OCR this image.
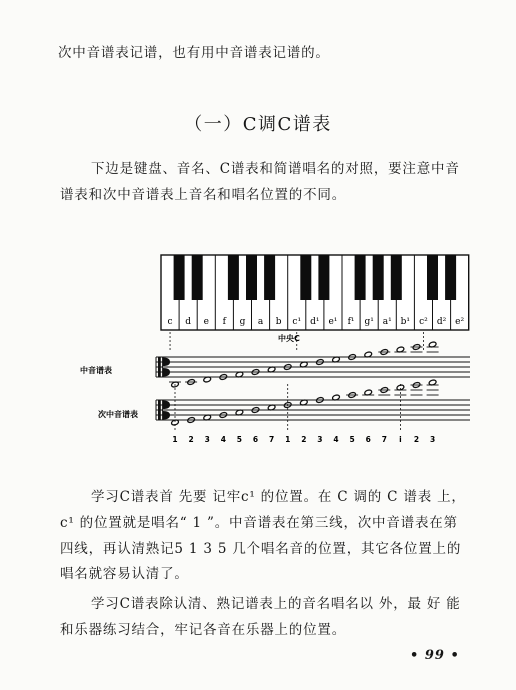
次中音谱表记谱，也有用中音谱表记谱的。
（一）C调C谱表
下边是键盘、音名、C谱表和简谱唱名的对照，要注意中音
谱表和次中音谱表上音名和唱名位置的不同。
c d e f g a b c¹ d¹ e¹ f¹ g¹ a¹ b¹ c² d² e²
中央C
中音谱表
次中音谱表
1 2 3 4 5 6 7 1 2 3 4 5 6 7 i 2 3
学习C谱表首 先要 记牢c¹ 的位置。在 C 调的 C 谱表 上，
c¹ 的位置就是唱名“ 1 ”。中音谱表在第三线，次中音谱表在第
四线，再认清熟记5 1 3 5 几个唱名音的位置，其它各位置上的
唱名就容易认清了。
学习C谱表除认清、熟记谱表上的音名唱名以 外，最 好 能
和乐器练习结合，牢记各音在乐器上的位置。
• 99 •
